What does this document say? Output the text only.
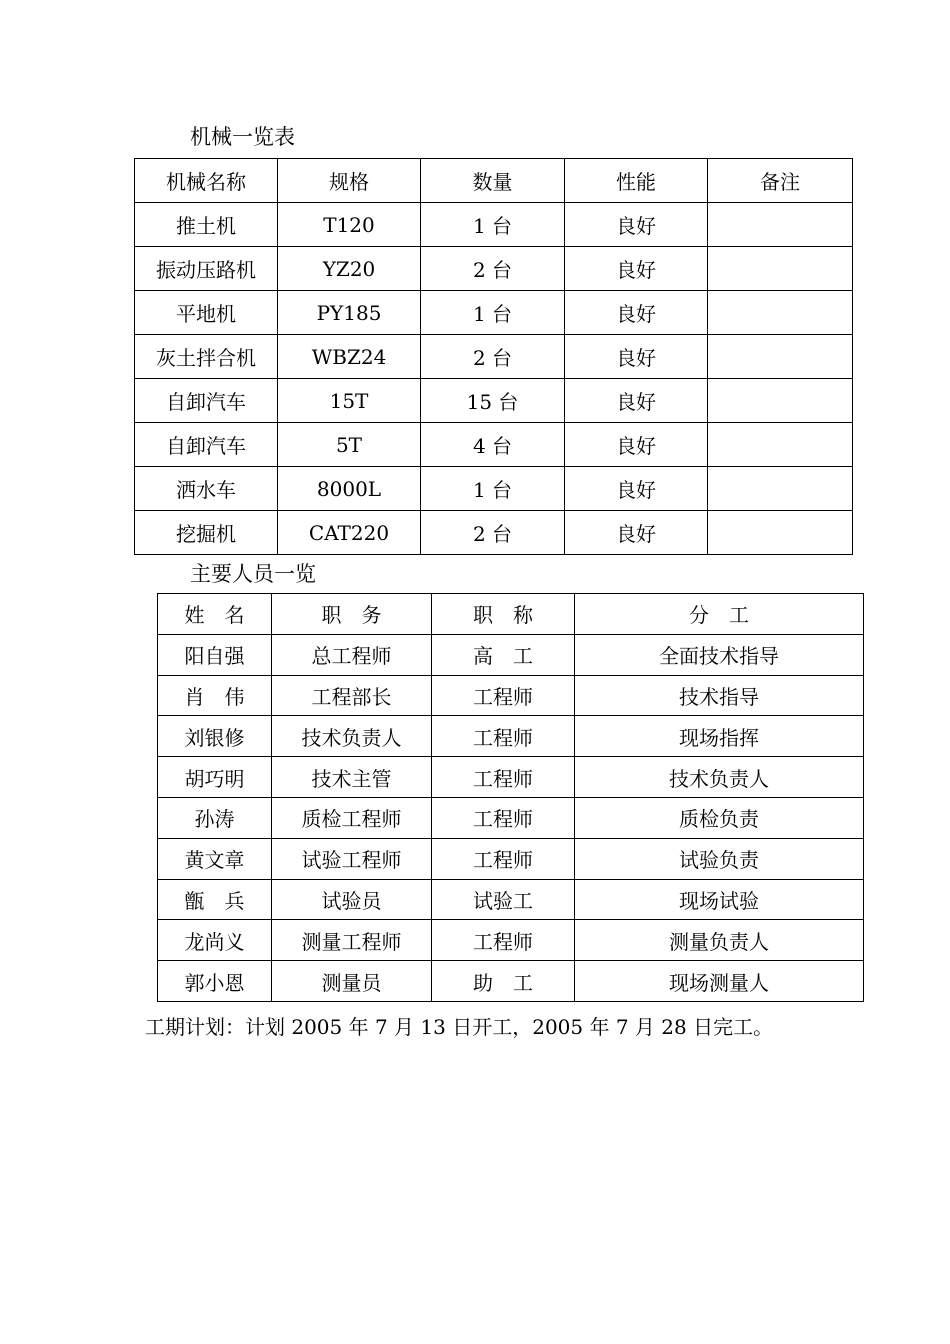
机械一览表
机械名称	规格	数量	性能	备注
推土机	T120	1 台	良好	
振动压路机	YZ20	2 台	良好	
平地机	PY185	1 台	良好	
灰土拌合机	WBZ24	2 台	良好	
自卸汽车	15T	15 台	良好	
自卸汽车	5T	4 台	良好	
洒水车	8000L	1 台	良好	
挖掘机	CAT220	2 台	良好	
主要人员一览
姓　名	职　务	职　称	分　工
阳自强	总工程师	高　工	全面技术指导
肖　伟	工程部长	工程师	技术指导
刘银修	技术负责人	工程师	现场指挥
胡巧明	技术主管	工程师	技术负责人
孙涛	质检工程师	工程师	质检负责
黄文章	试验工程师	工程师	试验负责
甑　兵	试验员	试验工	现场试验
龙尚义	测量工程师	工程师	测量负责人
郭小恩	测量员	助　工	现场测量人
工期计划：计划 2005 年 7 月 13 日开工，2005 年 7 月 28 日完工。
